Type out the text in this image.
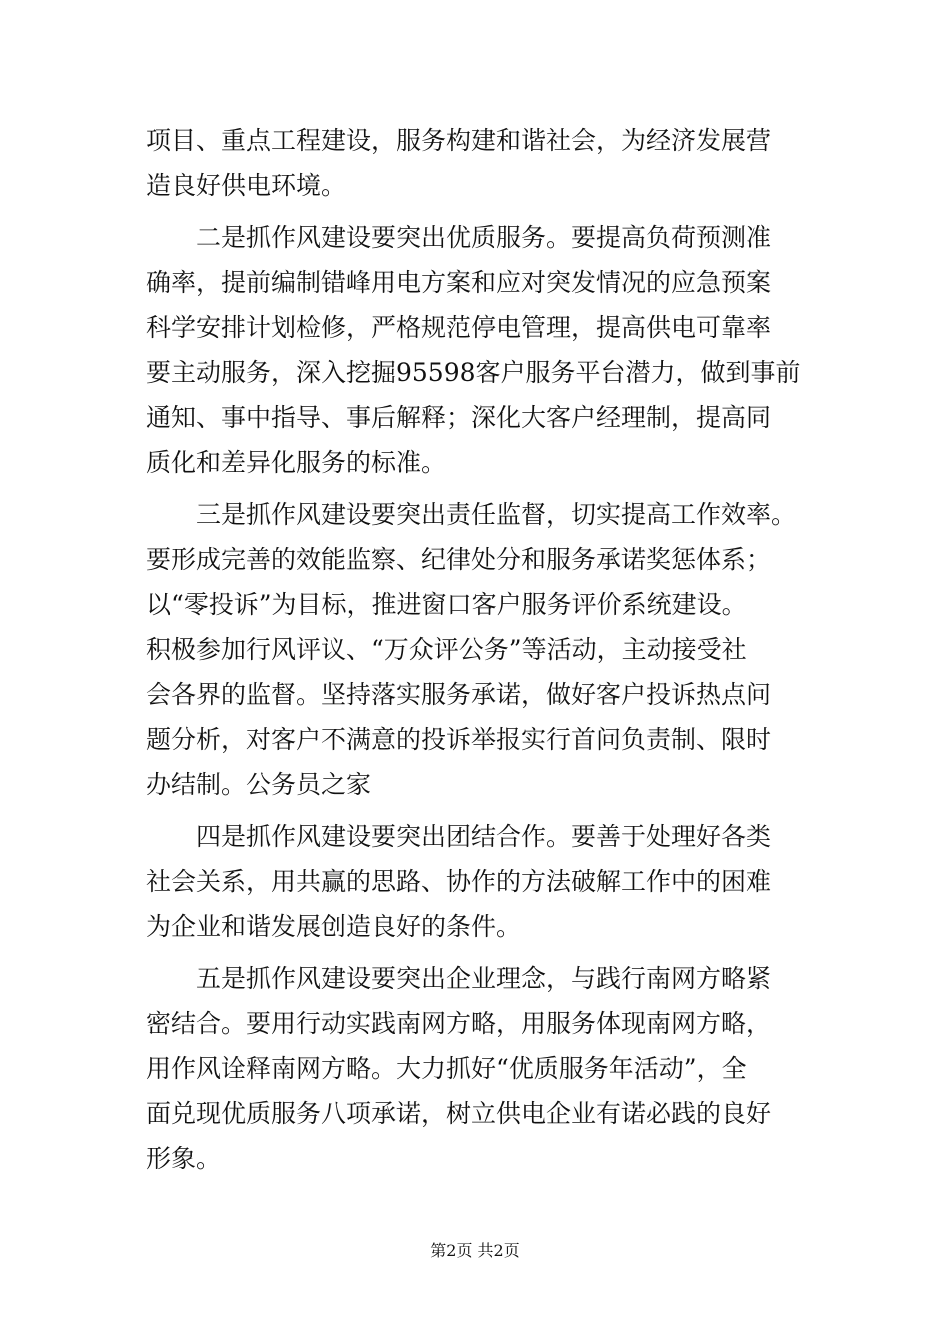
项目、重点工程建设，服务构建和谐社会，为经济发展营
造良好供电环境。
　　二是抓作风建设要突出优质服务。要提高负荷预测准
确率，提前编制错峰用电方案和应对突发情况的应急预案
科学安排计划检修，严格规范停电管理，提高供电可靠率
要主动服务，深入挖掘95598客户服务平台潜力，做到事前
通知、事中指导、事后解释；深化大客户经理制，提高同
质化和差异化服务的标准。
　　三是抓作风建设要突出责任监督，切实提高工作效率。
要形成完善的效能监察、纪律处分和服务承诺奖惩体系；
以“零投诉”为目标，推进窗口客户服务评价系统建设。
积极参加行风评议、“万众评公务”等活动，主动接受社
会各界的监督。坚持落实服务承诺，做好客户投诉热点问
题分析，对客户不满意的投诉举报实行首问负责制、限时
办结制。公务员之家
　　四是抓作风建设要突出团结合作。要善于处理好各类
社会关系，用共赢的思路、协作的方法破解工作中的困难
为企业和谐发展创造良好的条件。
　　五是抓作风建设要突出企业理念，与践行南网方略紧
密结合。要用行动实践南网方略，用服务体现南网方略，
用作风诠释南网方略。大力抓好“优质服务年活动”，全
面兑现优质服务八项承诺，树立供电企业有诺必践的良好
形象。
第2页 共2页
